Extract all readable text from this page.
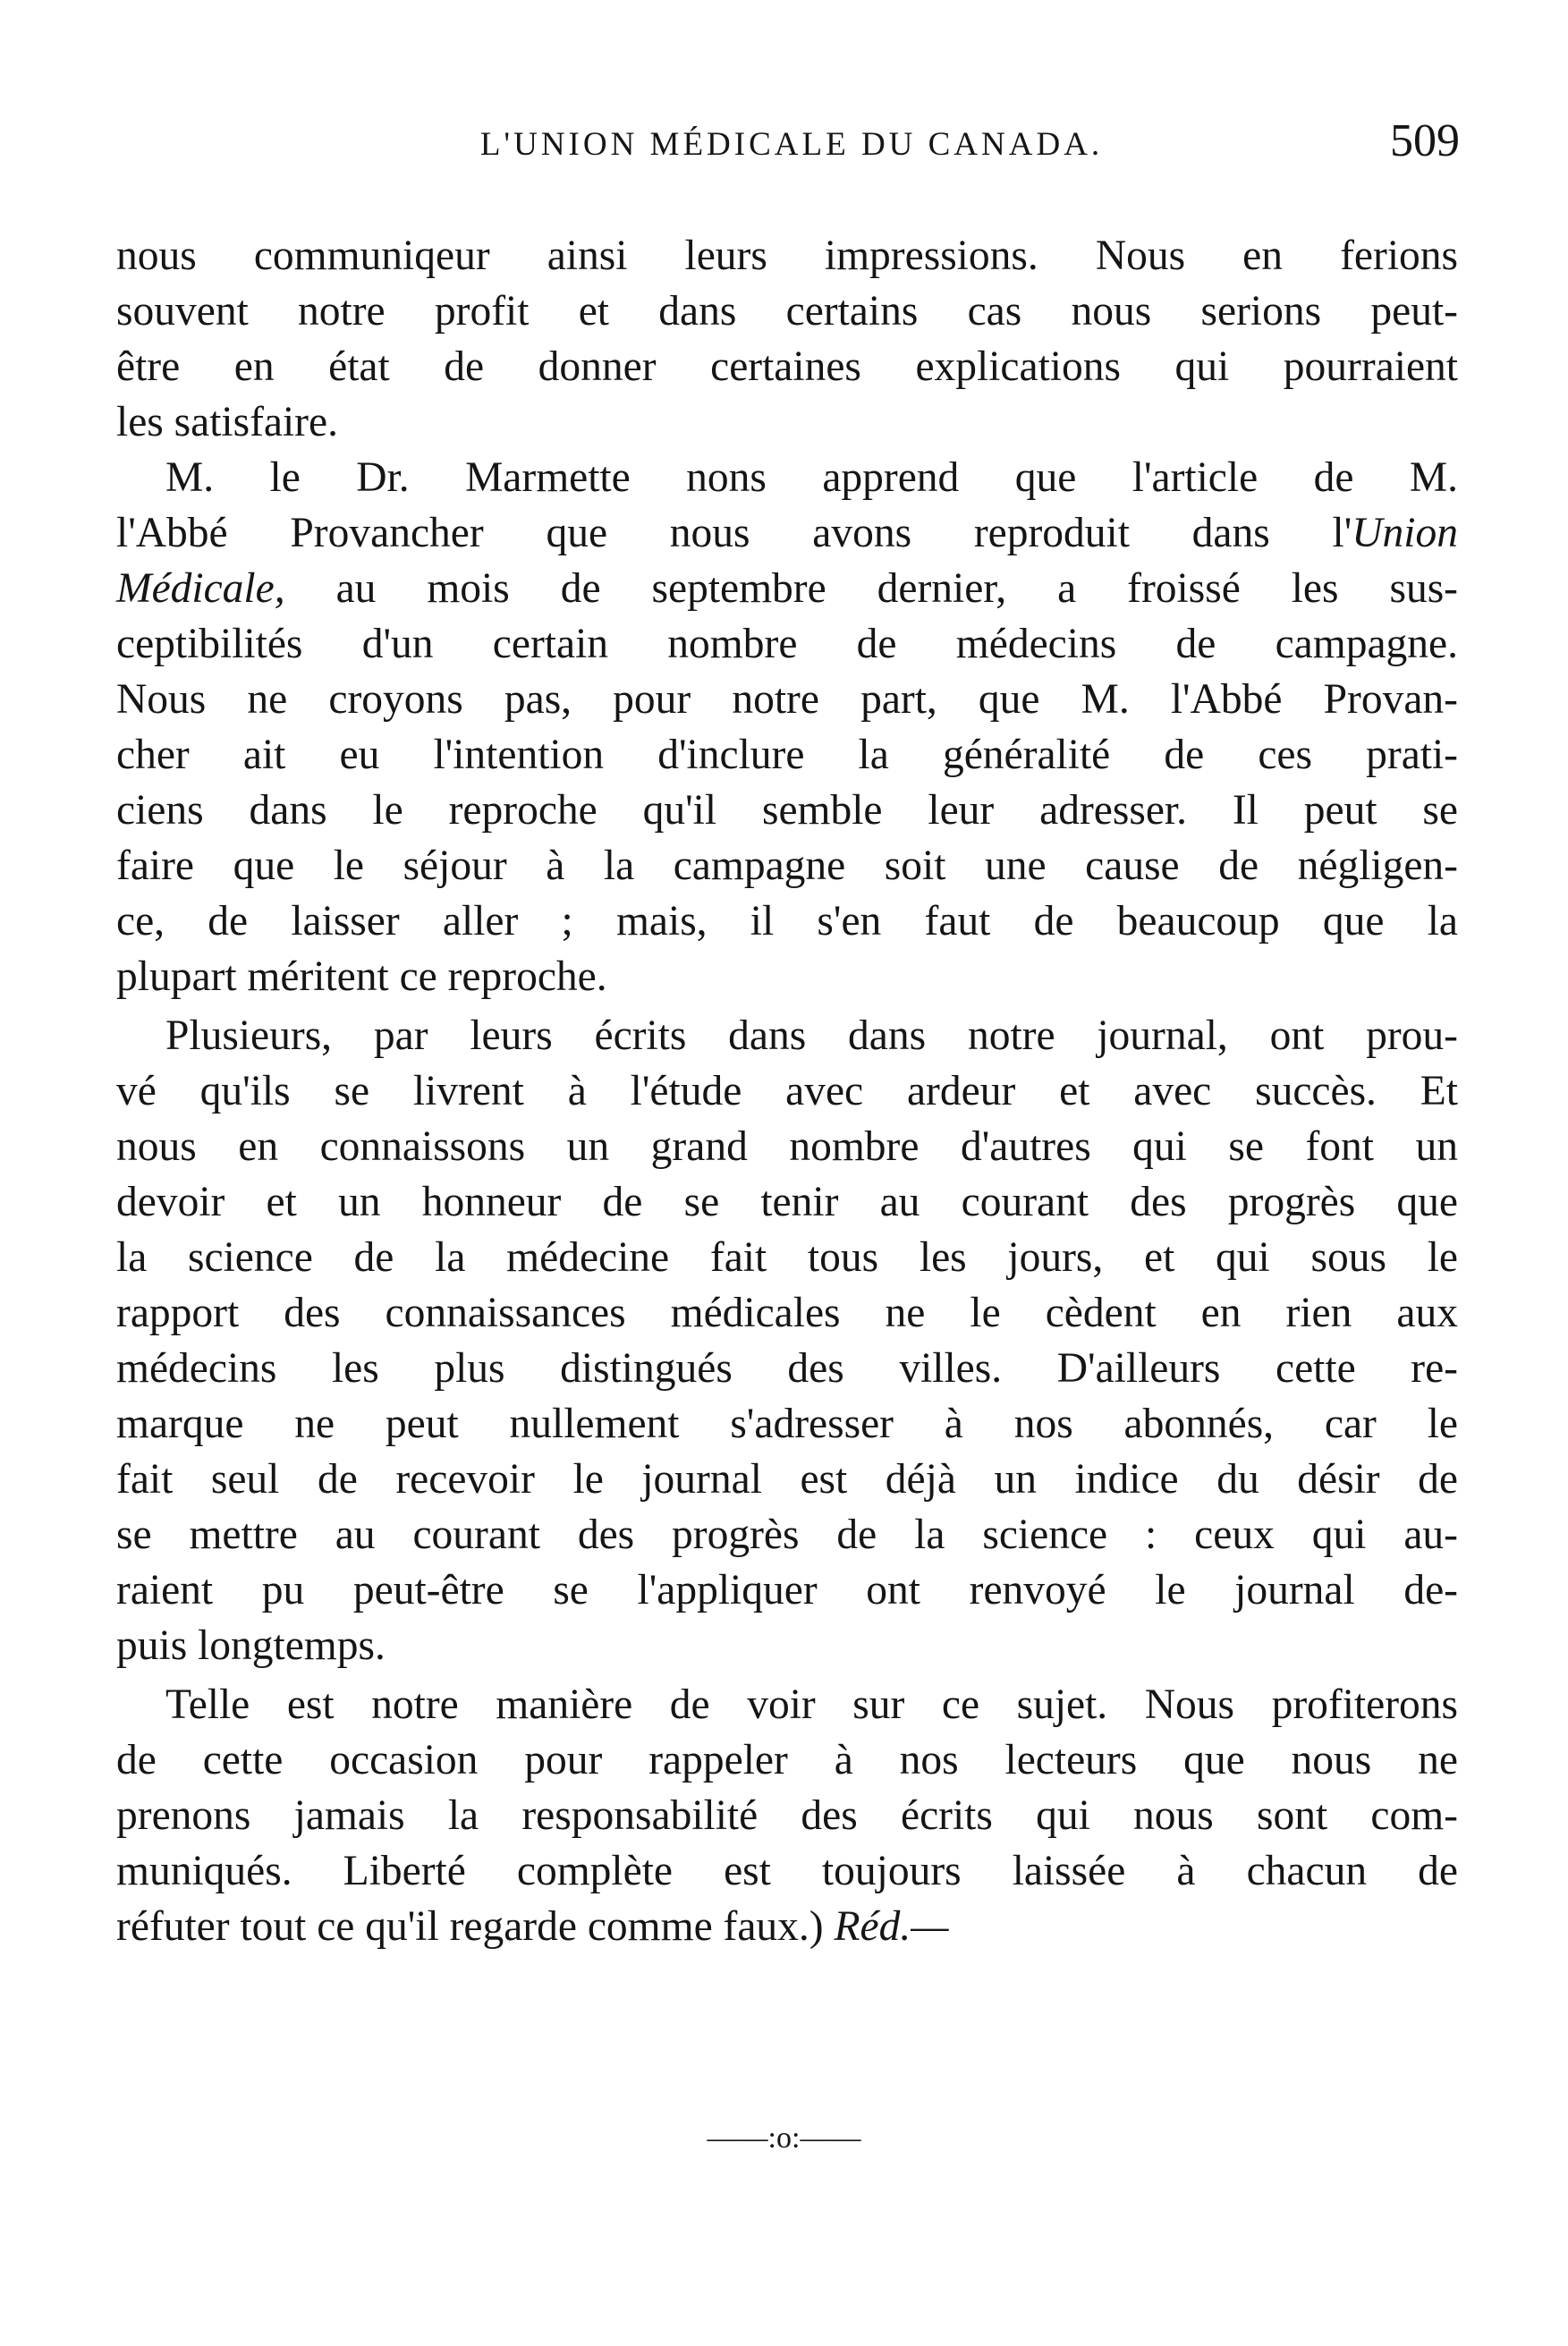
L'UNION MÉDICALE DU CANADA.	509
nous communiqeur ainsi leurs impressions. Nous en ferions
souvent notre profit et dans certains cas nous serions peut-
être en état de donner certaines explications qui pourraient
les satisfaire.
M. le Dr. Marmette nons apprend que l'article de M.
l'Abbé Provancher que nous avons reproduit dans l'Union
Médicale, au mois de septembre dernier, a froissé les sus-
ceptibilités d'un certain nombre de médecins de campagne.
Nous ne croyons pas, pour notre part, que M. l'Abbé Provan-
cher ait eu l'intention d'inclure la généralité de ces prati-
ciens dans le reproche qu'il semble leur adresser. Il peut se
faire que le séjour à la campagne soit une cause de négligen-
ce, de laisser aller ; mais, il s'en faut de beaucoup que la
plupart méritent ce reproche.
Plusieurs, par leurs écrits dans dans notre journal, ont prou-
vé qu'ils se livrent à l'étude avec ardeur et avec succès. Et
nous en connaissons un grand nombre d'autres qui se font un
devoir et un honneur de se tenir au courant des progrès que
la science de la médecine fait tous les jours, et qui sous le
rapport des connaissances médicales ne le cèdent en rien aux
médecins les plus distingués des villes. D'ailleurs cette re-
marque ne peut nullement s'adresser à nos abonnés, car le
fait seul de recevoir le journal est déjà un indice du désir de
se mettre au courant des progrès de la science : ceux qui au-
raient pu peut-être se l'appliquer ont renvoyé le journal de-
puis longtemps.
Telle est notre manière de voir sur ce sujet. Nous profiterons
de cette occasion pour rappeler à nos lecteurs que nous ne
prenons jamais la responsabilité des écrits qui nous sont com-
muniqués. Liberté complète est toujours laissée à chacun de
réfuter tout ce qu'il regarde comme faux.) Réd.—
——:o:——
